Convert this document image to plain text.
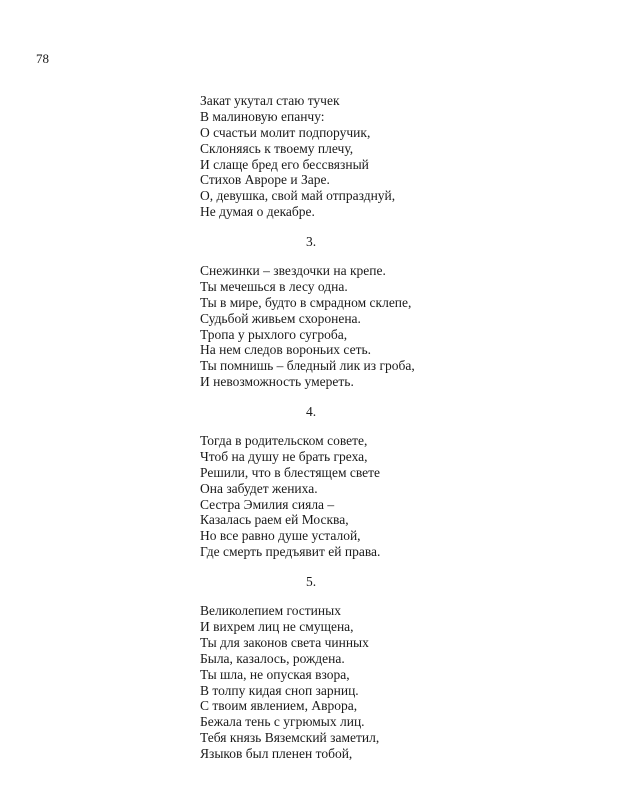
78
Закат укутал стаю тучек
В малиновую епанчу:
О счастьи молит подпоручик,
Склоняясь к твоему плечу,
И слаще бред его бессвязный
Стихов Авроре и Заре.
О, девушка, свой май отпразднуй,
Не думая о декабре.
3.
Снежинки – звездочки на крепе.
Ты мечешься в лесу одна.
Ты в мире, будто в смрадном склепе,
Судьбой живьем схоронена.
Тропа у рыхлого сугроба,
На нем следов вороньих сеть.
Ты помнишь – бледный лик из гроба,
И невозможность умереть.
4.
Тогда в родительском совете,
Чтоб на душу не брать греха,
Решили, что в блестящем свете
Она забудет жениха.
Сестра Эмилия сияла –
Казалась раем ей Москва,
Но все равно душе усталой,
Где смерть предъявит ей права.
5.
Великолепием гостиных
И вихрем лиц не смущена,
Ты для законов света чинных
Была, казалось, рождена.
Ты шла, не опуская взора,
В толпу кидая сноп зарниц.
С твоим явлением, Аврора,
Бежала тень с угрюмых лиц.
Тебя князь Вяземский заметил,
Языков был пленен тобой,
